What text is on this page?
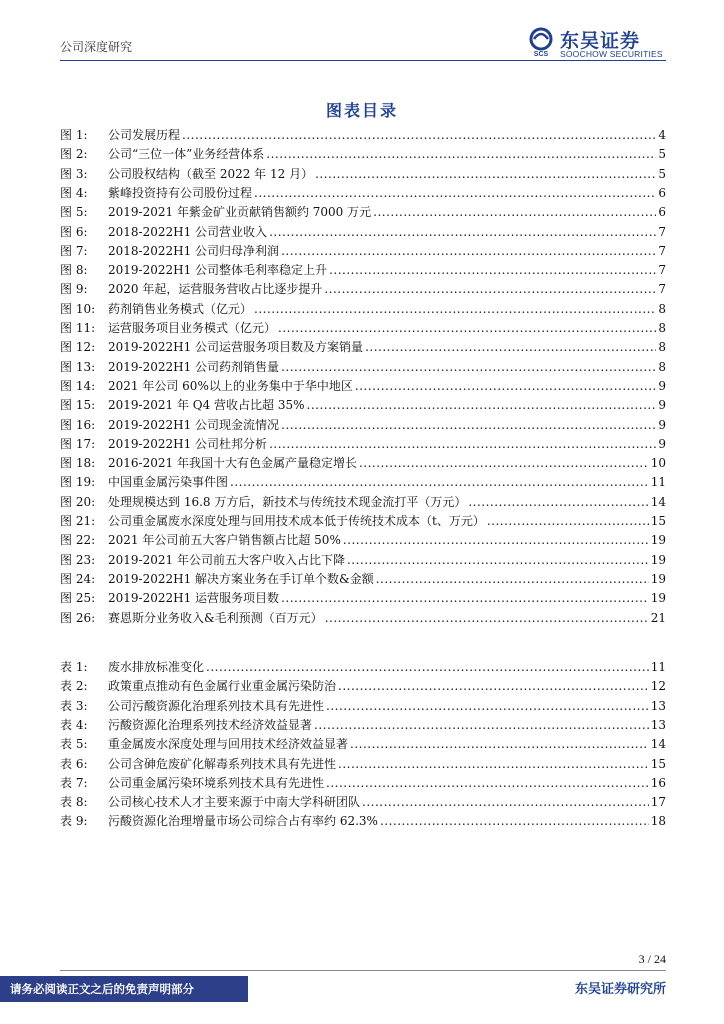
公司深度研究
SCS
东吴证券
SOOCHOW SECURITIES
图表目录
图 1:	公司发展历程 .....	4
图 2:	公司“三位一体”业务经营体系 .....	5
图 3:	公司股权结构（截至 2022 年 12 月） .....	5
图 4:	紫峰投资持有公司股份过程 .....	6
图 5:	2019-2021 年紫金矿业贡献销售额约 7000 万元 .....	6
图 6:	2018-2022H1 公司营业收入 .....	7
图 7:	2018-2022H1 公司归母净利润 .....	7
图 8:	2019-2022H1 公司整体毛利率稳定上升 .....	7
图 9:	2020 年起，运营服务营收占比逐步提升 .....	7
图 10:	药剂销售业务模式（亿元） .....	8
图 11:	运营服务项目业务模式（亿元） .....	8
图 12:	2019-2022H1 公司运营服务项目数及方案销量 .....	8
图 13:	2019-2022H1 公司药剂销售量 .....	8
图 14:	2021 年公司 60%以上的业务集中于华中地区 .....	9
图 15:	2019-2021 年 Q4 营收占比超 35% .....	9
图 16:	2019-2022H1 公司现金流情况 .....	9
图 17:	2019-2022H1 公司杜邦分析 .....	9
图 18:	2016-2021 年我国十大有色金属产量稳定增长 .....	10
图 19:	中国重金属污染事件图 .....	11
图 20:	处理规模达到 16.8 万方后，新技术与传统技术现金流打平（万元） .....	14
图 21:	公司重金属废水深度处理与回用技术成本低于传统技术成本（t、万元） .....	15
图 22:	2021 年公司前五大客户销售额占比超 50% .....	19
图 23:	2019-2021 年公司前五大客户收入占比下降 .....	19
图 24:	2019-2022H1 解决方案业务在手订单个数&金额 .....	19
图 25:	2019-2022H1 运营服务项目数 .....	19
图 26:	赛恩斯分业务收入&毛利预测（百万元） .....	21
表 1:	废水排放标准变化 .....	11
表 2:	政策重点推动有色金属行业重金属污染防治 .....	12
表 3:	公司污酸资源化治理系列技术具有先进性 .....	13
表 4:	污酸资源化治理系列技术经济效益显著 .....	13
表 5:	重金属废水深度处理与回用技术经济效益显著 .....	14
表 6:	公司含砷危废矿化解毒系列技术具有先进性 .....	15
表 7:	公司重金属污染环境系列技术具有先进性 .....	16
表 8:	公司核心技术人才主要来源于中南大学科研团队 .....	17
表 9:	污酸资源化治理增量市场公司综合占有率约 62.3% .....	18
3 / 24
请务必阅读正文之后的免责声明部分	东吴证券研究所
